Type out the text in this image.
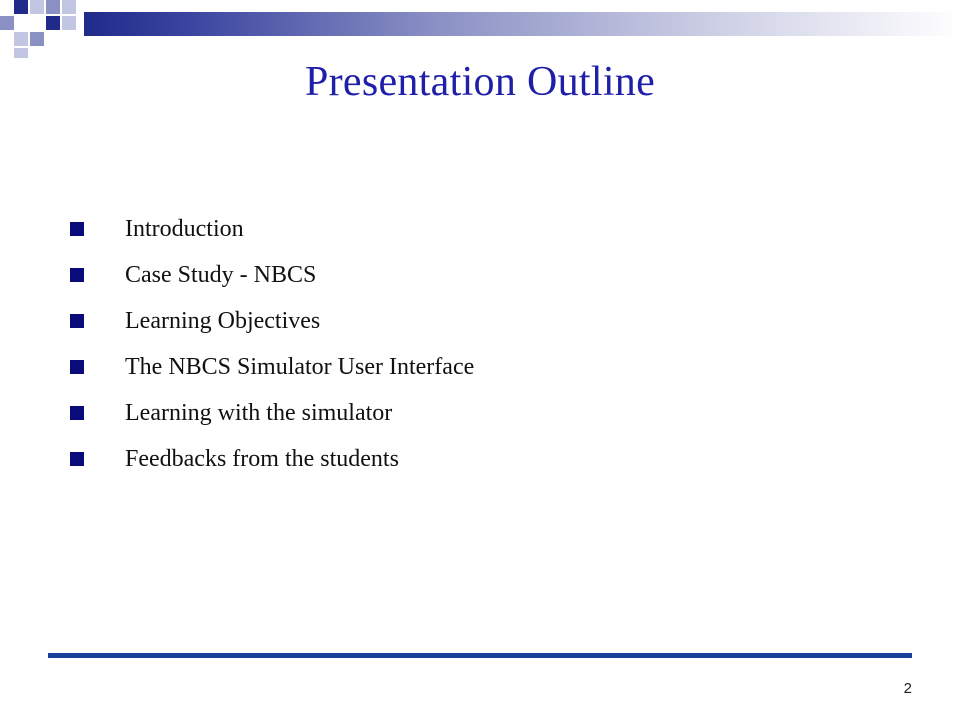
Presentation Outline
Introduction
Case Study - NBCS
Learning Objectives
The NBCS Simulator User Interface
Learning with the simulator
Feedbacks from the students
2
